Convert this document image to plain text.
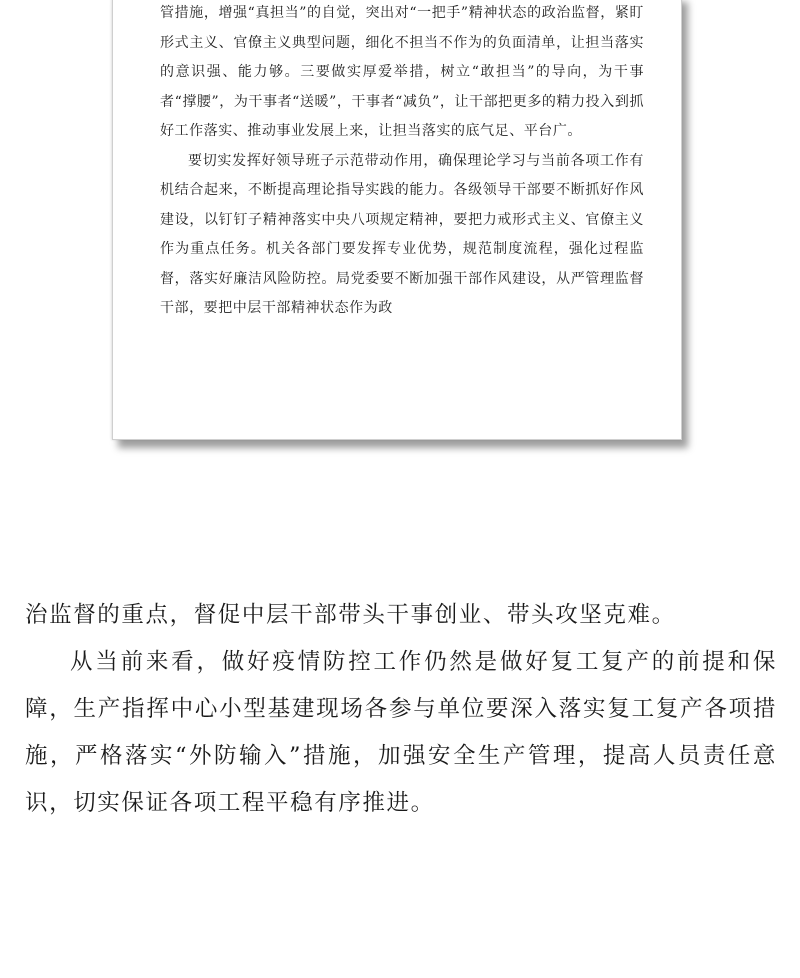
管措施，增强“真担当”的自觉，突出对“一把手”精神状态的政治监督，紧盯形式主义、官僚主义典型问题，细化不担当不作为的负面清单，让担当落实的意识强、能力够。三要做实厚爱举措，树立“敢担当”的导向，为干事者“撑腰”，为干事者“送暖”，干事者“减负”，让干部把更多的精力投入到抓好工作落实、推动事业发展上来，让担当落实的底气足、平台广。

要切实发挥好领导班子示范带动作用，确保理论学习与当前各项工作有机结合起来，不断提高理论指导实践的能力。各级领导干部要不断抓好作风建设，以钉钉子精神落实中央八项规定精神，要把力戒形式主义、官僚主义作为重点任务。机关各部门要发挥专业优势，规范制度流程，强化过程监督，落实好廉洁风险防控。局党委要不断加强干部作风建设，从严管理监督干部，要把中层干部精神状态作为政

治监督的重点，督促中层干部带头干事创业、带头攻坚克难。

从当前来看，做好疫情防控工作仍然是做好复工复产的前提和保障，生产指挥中心小型基建现场各参与单位要深入落实复工复产各项措施，严格落实“外防输入”措施，加强安全生产管理，提高人员责任意识，切实保证各项工程平稳有序推进。
